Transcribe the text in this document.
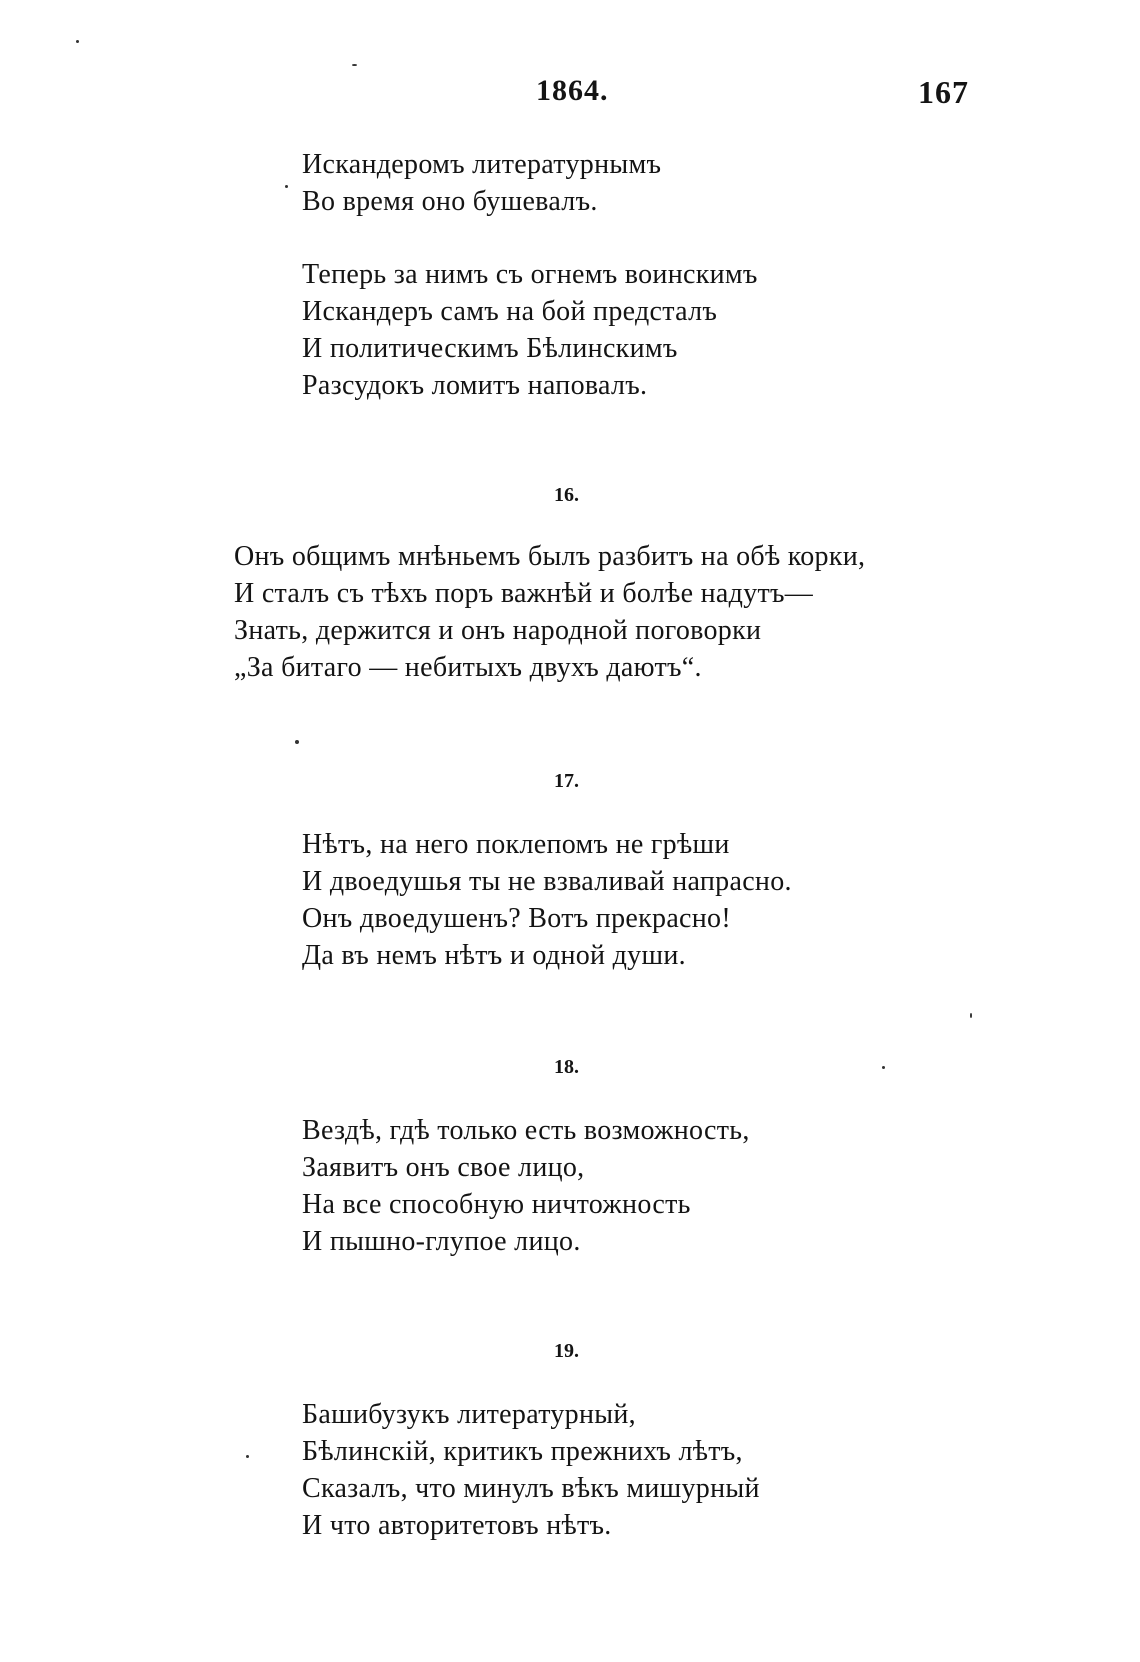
1864.	167
Искандеромъ литературнымъ
Во время оно бушевалъ.
Теперь за нимъ съ огнемъ воинскимъ
Искандеръ самъ на бой предсталъ
И политическимъ Бѣлинскимъ
Разсудокъ ломитъ наповалъ.
16.
Онъ общимъ мнѣньемъ былъ разбитъ на обѣ корки,
И сталъ съ тѣхъ поръ важнѣй и болѣе надутъ—
Знать, держится и онъ народной поговорки
„За битаго — небитыхъ двухъ даютъ“.
17.
Нѣтъ, на него поклепомъ не грѣши
И двоедушья ты не взваливай напрасно.
Онъ двоедушенъ? Вотъ прекрасно!
Да въ немъ нѣтъ и одной души.
18.
Вездѣ, гдѣ только есть возможность,
Заявитъ онъ свое лицо,
На все способную ничтожность
И пышно-глупое лицо.
19.
Башибузукъ литературный,
Бѣлинскій, критикъ прежнихъ лѣтъ,
Сказалъ, что минулъ вѣкъ мишурный
И что авторитетовъ нѣтъ.
